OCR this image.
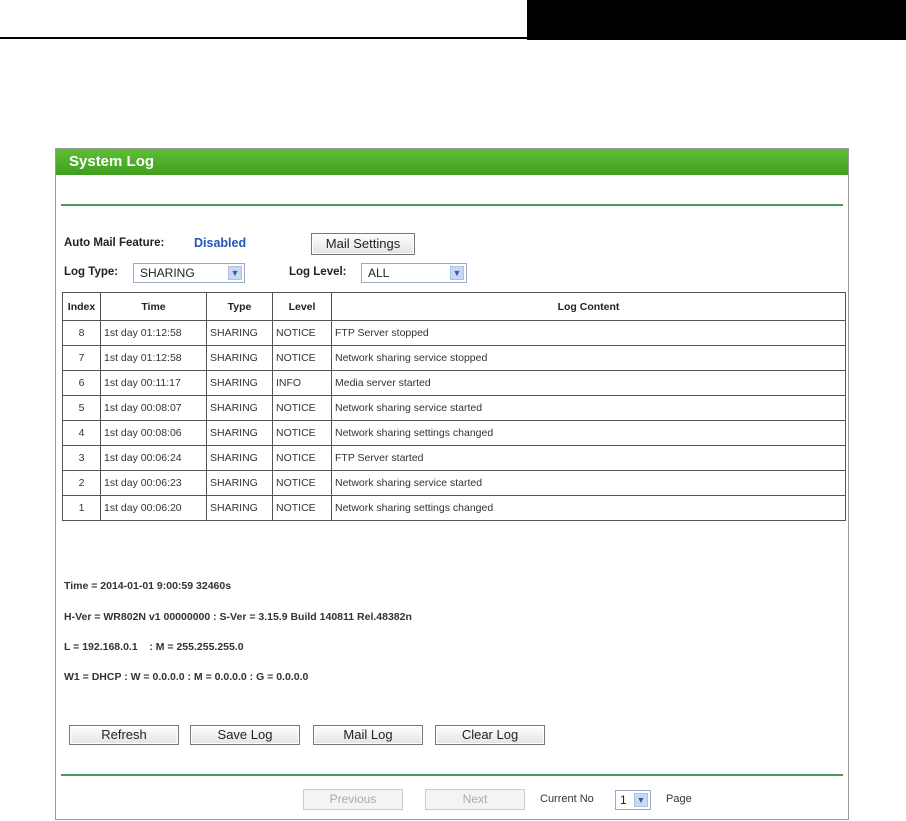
System Log
Auto Mail Feature: Disabled	Mail Settings
Log Type:	SHARING	▼	Log Level:	ALL	▼
Index	Time	Type	Level	Log Content
8	1st day 01:12:58	SHARING	NOTICE	FTP Server stopped
7	1st day 01:12:58	SHARING	NOTICE	Network sharing service stopped
6	1st day 00:11:17	SHARING	INFO	Media server started
5	1st day 00:08:07	SHARING	NOTICE	Network sharing service started
4	1st day 00:08:06	SHARING	NOTICE	Network sharing settings changed
3	1st day 00:06:24	SHARING	NOTICE	FTP Server started
2	1st day 00:06:23	SHARING	NOTICE	Network sharing service started
1	1st day 00:06:20	SHARING	NOTICE	Network sharing settings changed
Time = 2014-01-01 9:00:59 32460s
H-Ver = WR802N v1 00000000 : S-Ver = 3.15.9 Build 140811 Rel.48382n
L = 192.168.0.1    : M = 255.255.255.0
W1 = DHCP : W = 0.0.0.0 : M = 0.0.0.0 : G = 0.0.0.0
Refresh	Save Log	Mail Log	Clear Log
Previous	Next	Current No	1 ▼ Page
